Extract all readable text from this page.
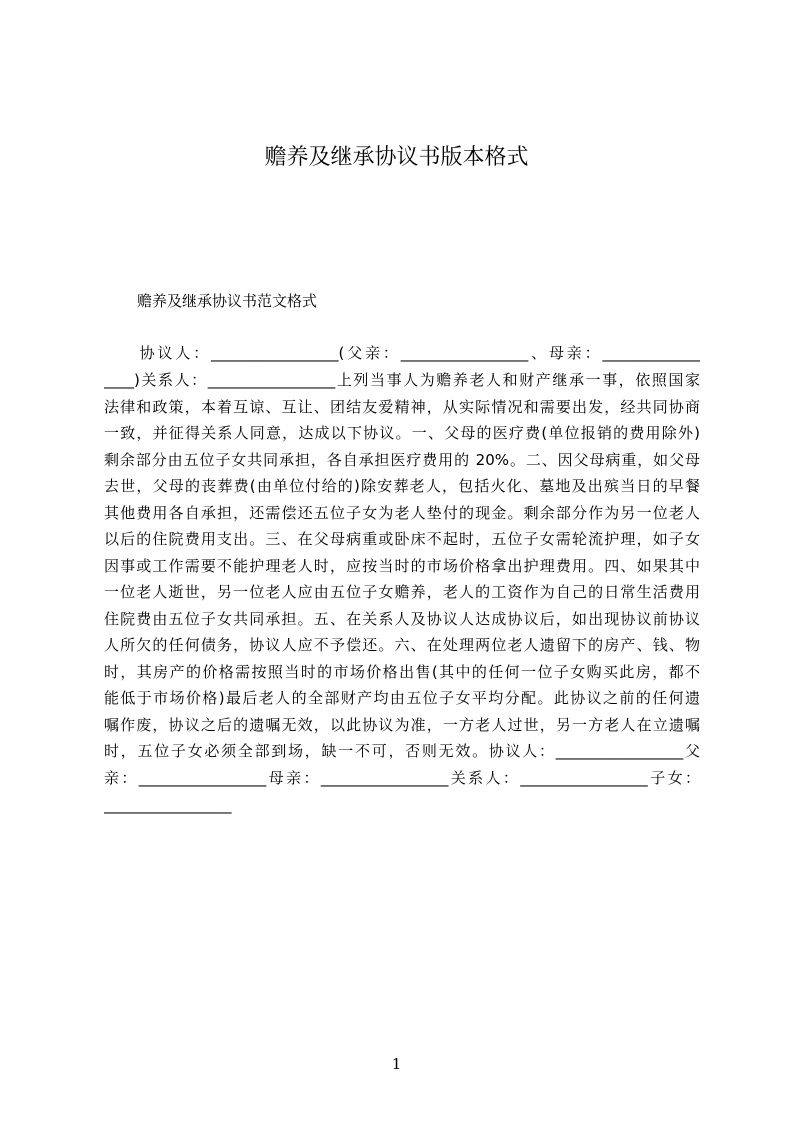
赡养及继承协议书版本格式

赡养及继承协议书范文格式

　　协议人：_________________(父亲：_________________、母亲：_____________
____)关系人：_________________上列当事人为赡养老人和财产继承一事，依照国家
法律和政策，本着互谅、互让、团结友爱精神，从实际情况和需要出发，经共同协商
一致，并征得关系人同意，达成以下协议。一、父母的医疗费(单位报销的费用除外)
剩余部分由五位子女共同承担，各自承担医疗费用的 20%。二、因父母病重，如父母
去世，父母的丧葬费(由单位付给的)除安葬老人，包括火化、墓地及出殡当日的早餐
其他费用各自承担，还需偿还五位子女为老人垫付的现金。剩余部分作为另一位老人
以后的住院费用支出。三、在父母病重或卧床不起时，五位子女需轮流护理，如子女
因事或工作需要不能护理老人时，应按当时的市场价格拿出护理费用。四、如果其中
一位老人逝世，另一位老人应由五位子女赡养，老人的工资作为自己的日常生活费用
住院费由五位子女共同承担。五、在关系人及协议人达成协议后，如出现协议前协议
人所欠的任何债务，协议人应不予偿还。六、在处理两位老人遗留下的房产、钱、物
时，其房产的价格需按照当时的市场价格出售(其中的任何一位子女购买此房，都不
能低于市场价格)最后老人的全部财产均由五位子女平均分配。此协议之前的任何遗
嘱作废，协议之后的遗嘱无效，以此协议为准，一方老人过世，另一方老人在立遗嘱
时，五位子女必须全部到场，缺一不可，否则无效。协议人：_________________父
亲：_________________母亲：_________________关系人：_________________子女：
_________________
1
